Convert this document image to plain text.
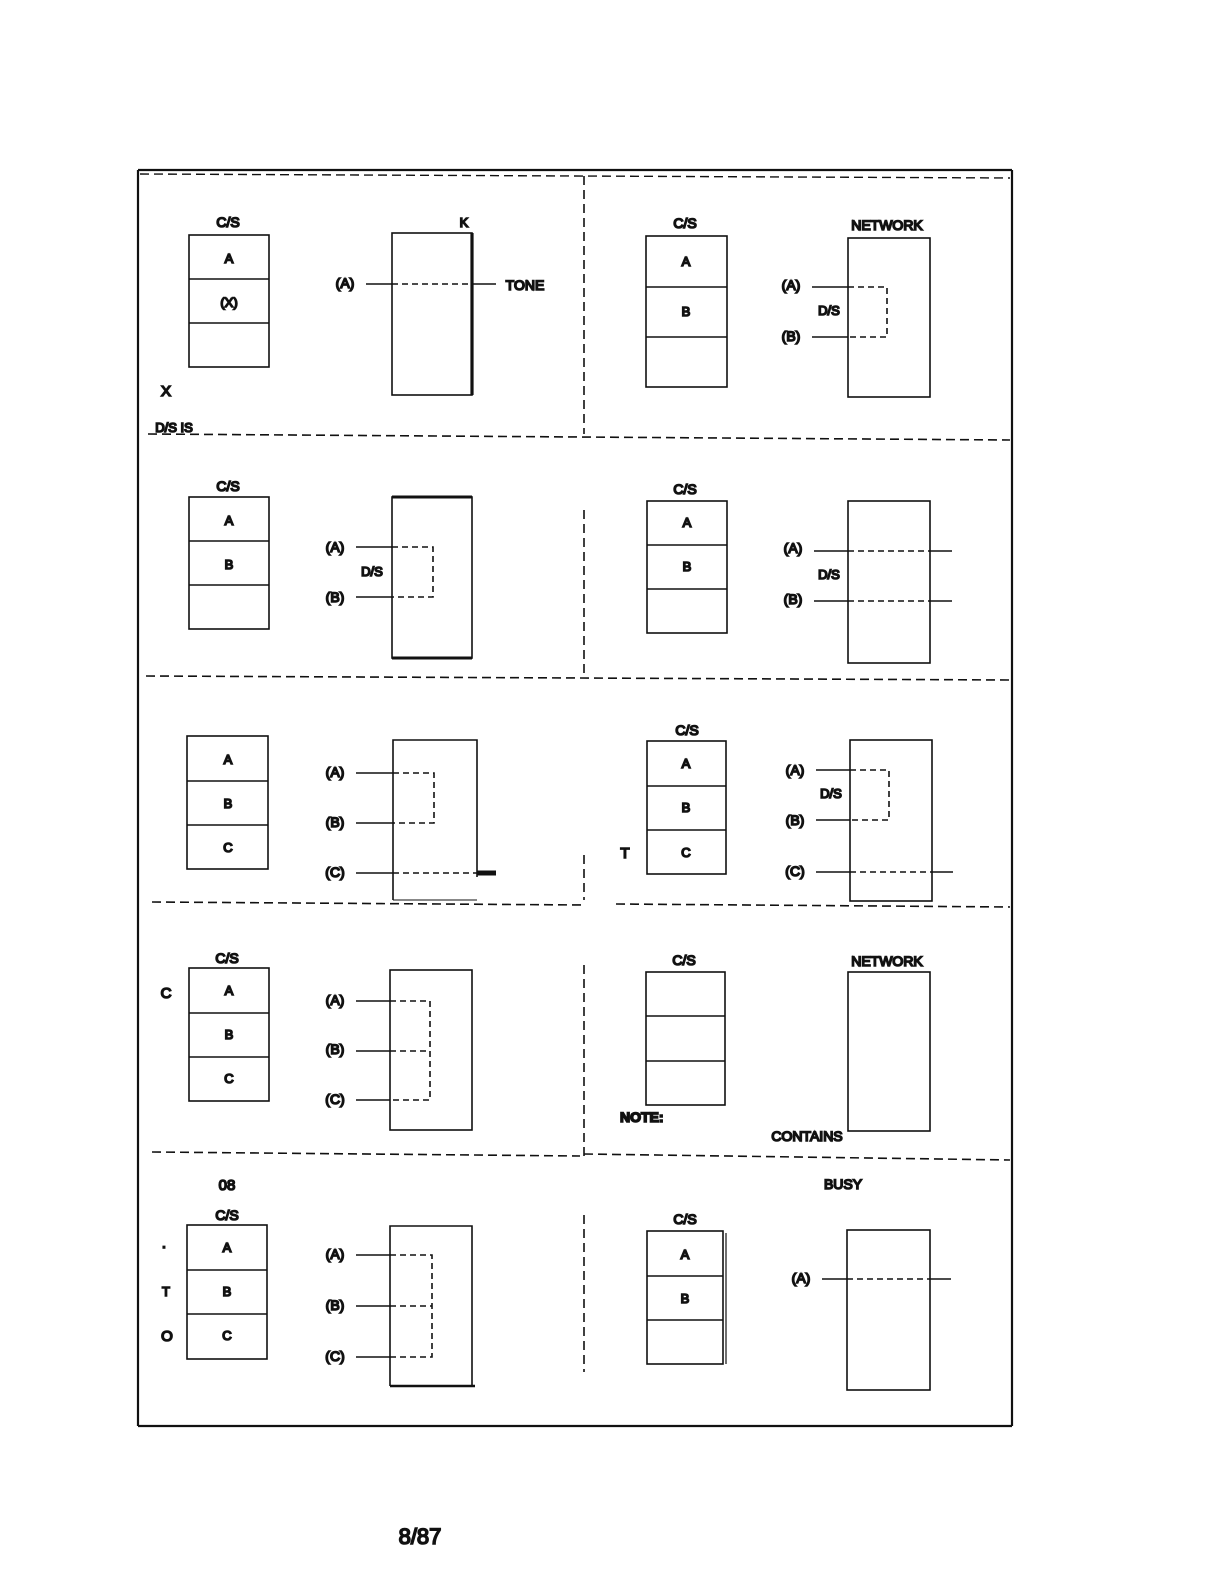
C/S
A
(X)
K
(A)	TONE
X
D/S IS
C/S
A
B
NETWORK
(A)
(B)
D/S
C/S
A
B
(A)
(B)
D/S
C/S
A
B
(A)
D/S
(B)
A
B
C
(A)
(B)
(C)
C/S
A
B
C
T
(A)
(B)
D/S
(C)
C/S
C	A
B
C
(A)
(B)
(C)
C/S	NETWORK
NOTE:
CONTAINS
08
C/S
.
T
O
A
B
C
(A)
(B)
(C)
BUSY
C/S
A
B
(A)
8/87
